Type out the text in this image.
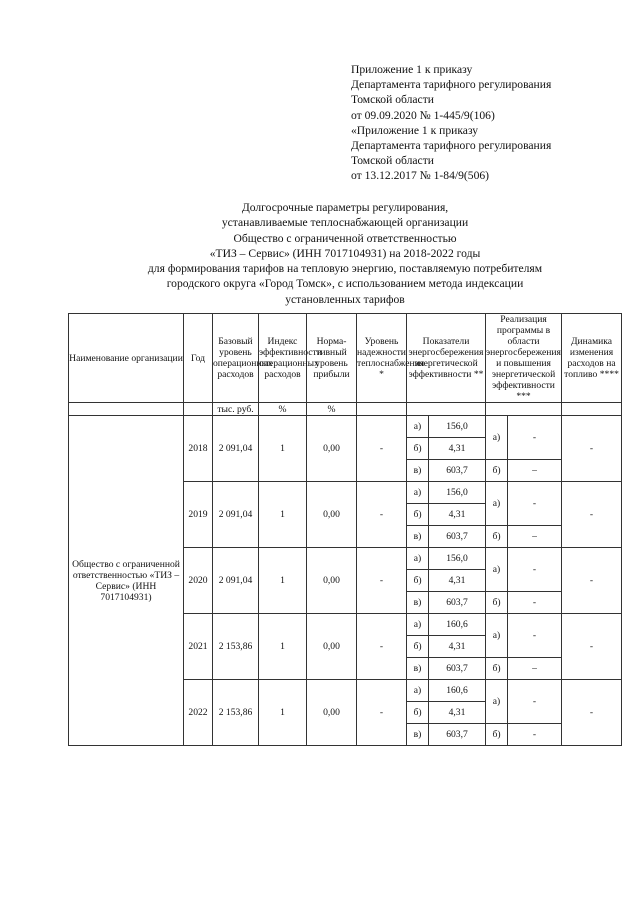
Приложение 1 к приказу
Департамента тарифного регулирования
Томской области
от 09.09.2020 № 1-445/9(106)
«Приложение 1 к приказу
Департамента тарифного регулирования
Томской области
от 13.12.2017 № 1-84/9(506)
Долгосрочные параметры регулирования,
устанавливаемые теплоснабжающей организации
Общество с ограниченной ответственностью
«ТИЗ – Сервис» (ИНН 7017104931) на 2018-2022 годы
для формирования тарифов на тепловую энергию, поставляемую потребителям
городского округа «Город Томск», с использованием метода индексации
установленных тарифов
Наименование организации	Год	Базовый уровень операционных расходов	Индекс эффективности операционных расходов	Норма-тивный уровень прибыли	Уровень надежности теплоснабжения *	Показатели энергосбережения энергетической эффективности **		Реализация программы в области энергосбережения и повышения энергетической эффективности ***		Динамика изменения расходов на топливо ****
		тыс. руб.	%	%						
Общество с ограниченной ответственностью «ТИЗ – Сервис» (ИНН 7017104931)	2018	2 091,04	1	0,00	-	а)	156,0	а)	-	-
						б)	4,31			
						в)	603,7	б)	–	
	2019	2 091,04	1	0,00	-	а)	156,0	а)	-	-
						б)	4,31			
						в)	603,7	б)	–	
	2020	2 091,04	1	0,00	-	а)	156,0	а)	-	-
						б)	4,31			
						в)	603,7	б)	-	
	2021	2 153,86	1	0,00	-	а)	160,6	а)	-	-
						б)	4,31			
						в)	603,7	б)	–	
	2022	2 153,86	1	0,00	-	а)	160,6	а)	-	-
						б)	4,31			
						в)	603,7	б)	-	
